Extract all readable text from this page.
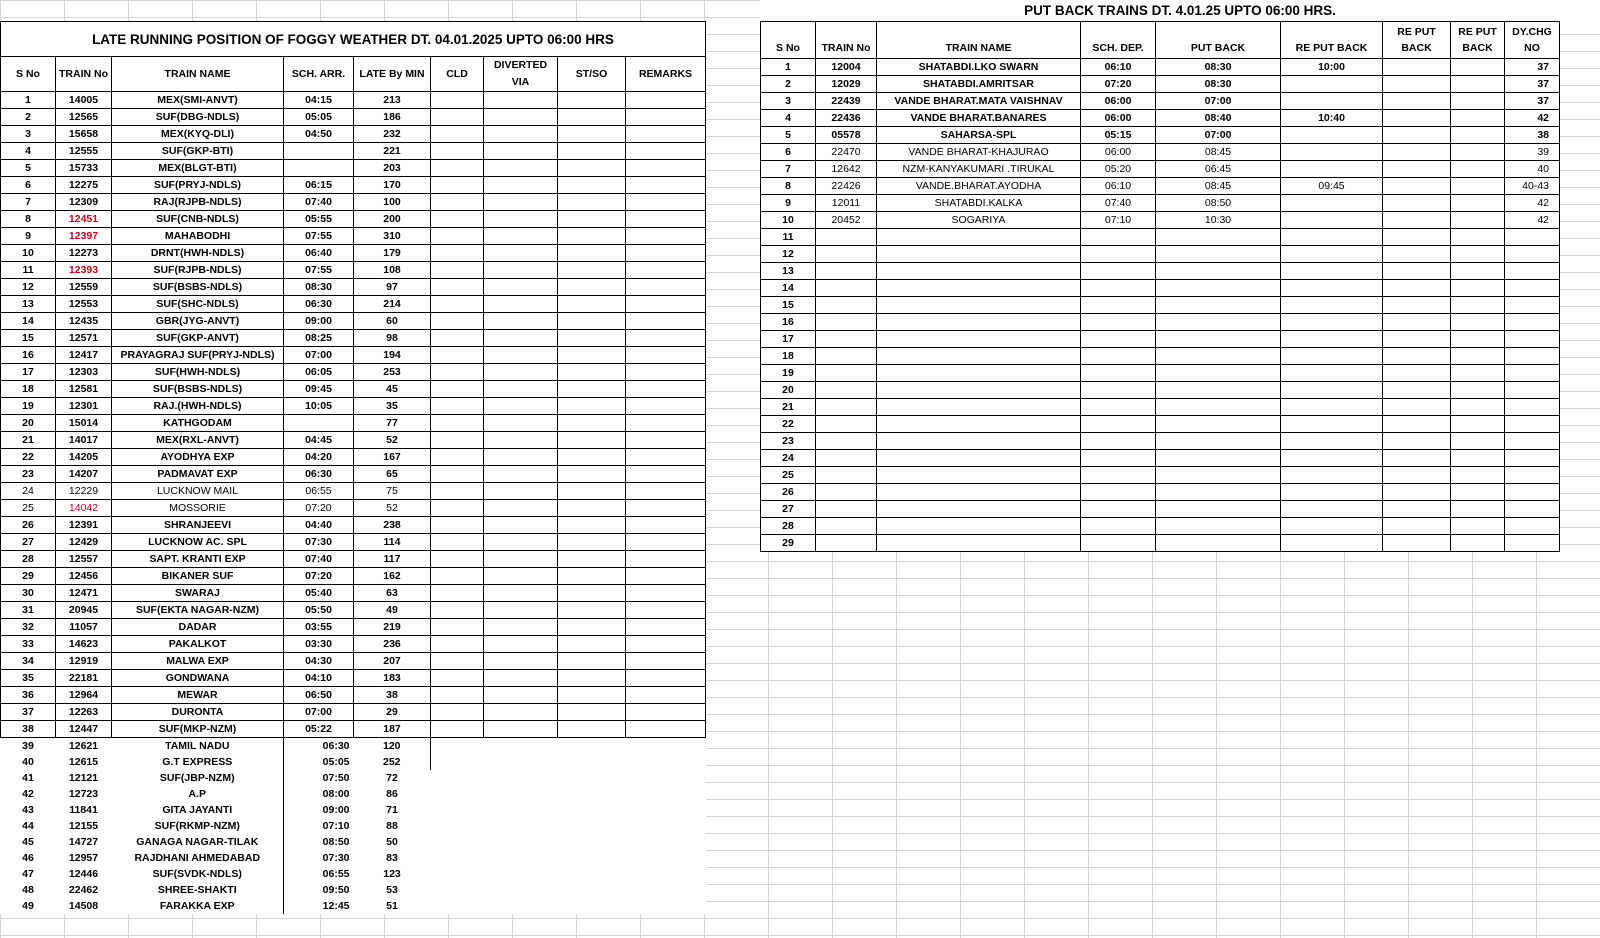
LATE RUNNING POSITION OF FOGGY WEATHER DT. 04.01.2025 UPTO 06:00 HRS								
S No	TRAIN No	TRAIN NAME	SCH. ARR.	LATE By MIN	CLD	DIVERTED VIA	ST/SO	REMARKS
1	14005	MEX(SMI-ANVT)	04:15	213				
2	12565	SUF(DBG-NDLS)	05:05	186				
3	15658	MEX(KYQ-DLI)	04:50	232				
4	12555	SUF(GKP-BTI)		221				
5	15733	MEX(BLGT-BTI)		203				
6	12275	SUF(PRYJ-NDLS)	06:15	170				
7	12309	RAJ(RJPB-NDLS)	07:40	100				
8	12451	SUF(CNB-NDLS)	05:55	200				
9	12397	MAHABODHI	07:55	310				
10	12273	DRNT(HWH-NDLS)	06:40	179				
11	12393	SUF(RJPB-NDLS)	07:55	108				
12	12559	SUF(BSBS-NDLS)	08:30	97				
13	12553	SUF(SHC-NDLS)	06:30	214				
14	12435	GBR(JYG-ANVT)	09:00	60				
15	12571	SUF(GKP-ANVT)	08:25	98				
16	12417	PRAYAGRAJ SUF(PRYJ-NDLS)	07:00	194				
17	12303	SUF(HWH-NDLS)	06:05	253				
18	12581	SUF(BSBS-NDLS)	09:45	45				
19	12301	RAJ.(HWH-NDLS)	10:05	35				
20	15014	KATHGODAM		77				
21	14017	MEX(RXL-ANVT)	04:45	52				
22	14205	AYODHYA EXP	04:20	167				
23	14207	PADMAVAT EXP	06:30	65				
24	12229	LUCKNOW MAIL	06:55	75				
25	14042	MOSSORIE	07:20	52				
26	12391	SHRANJEEVI	04:40	238				
27	12429	LUCKNOW AC. SPL	07:30	114				
28	12557	SAPT. KRANTI EXP	07:40	117				
29	12456	BIKANER SUF	07:20	162				
30	12471	SWARAJ	05:40	63				
31	20945	SUF(EKTA NAGAR-NZM)	05:50	49				
32	11057	DADAR	03:55	219				
33	14623	PAKALKOT	03:30	236				
34	12919	MALWA EXP	04:30	207				
35	22181	GONDWANA	04:10	183				
36	12964	MEWAR	06:50	38				
37	12263	DURONTA	07:00	29				
38	12447	SUF(MKP-NZM)	05:22	187				
39	12621	TAMIL NADU	06:30	120				
40	12615	G.T EXPRESS	05:05	252				
41	12121	SUF(JBP-NZM)	07:50	72				
42	12723	A.P	08:00	86				
43	11841	GITA JAYANTI	09:00	71				
44	12155	SUF(RKMP-NZM)	07:10	88				
45	14727	GANAGA NAGAR-TILAK	08:50	50				
46	12957	RAJDHANI AHMEDABAD	07:30	83				
47	12446	SUF(SVDK-NDLS)	06:55	123				
48	22462	SHREE-SHAKTI	09:50	53				
49	14508	FARAKKA EXP	12:45	51				
PUT BACK TRAINS DT. 4.01.25 UPTO 06:00 HRS.
S No	TRAIN No	TRAIN NAME	SCH. DEP.	PUT BACK	RE PUT BACK	RE PUT BACK	RE PUT BACK	DY.CHG NO
1	12004	SHATABDI.LKO SWARN	06:10	08:30	10:00			37
2	12029	SHATABDI.AMRITSAR	07:20	08:30				37
3	22439	VANDE BHARAT.MATA VAISHNAV	06:00	07:00				37
4	22436	VANDE BHARAT.BANARES	06:00	08:40	10:40			42
5	05578	SAHARSA-SPL	05:15	07:00				38
6	22470	VANDE BHARAT-KHAJURAO	06:00	08:45				39
7	12642	NZM-KANYAKUMARI .TIRUKAL	05:20	06:45				40
8	22426	VANDE.BHARAT.AYODHA	06:10	08:45	09:45			40-43
9	12011	SHATABDI.KALKA	07:40	08:50				42
10	20452	SOGARIYA	07:10	10:30				42
11								
12								
13								
14								
15								
16								
17								
18								
19								
20								
21								
22								
23								
24								
25								
26								
27								
28								
29								
